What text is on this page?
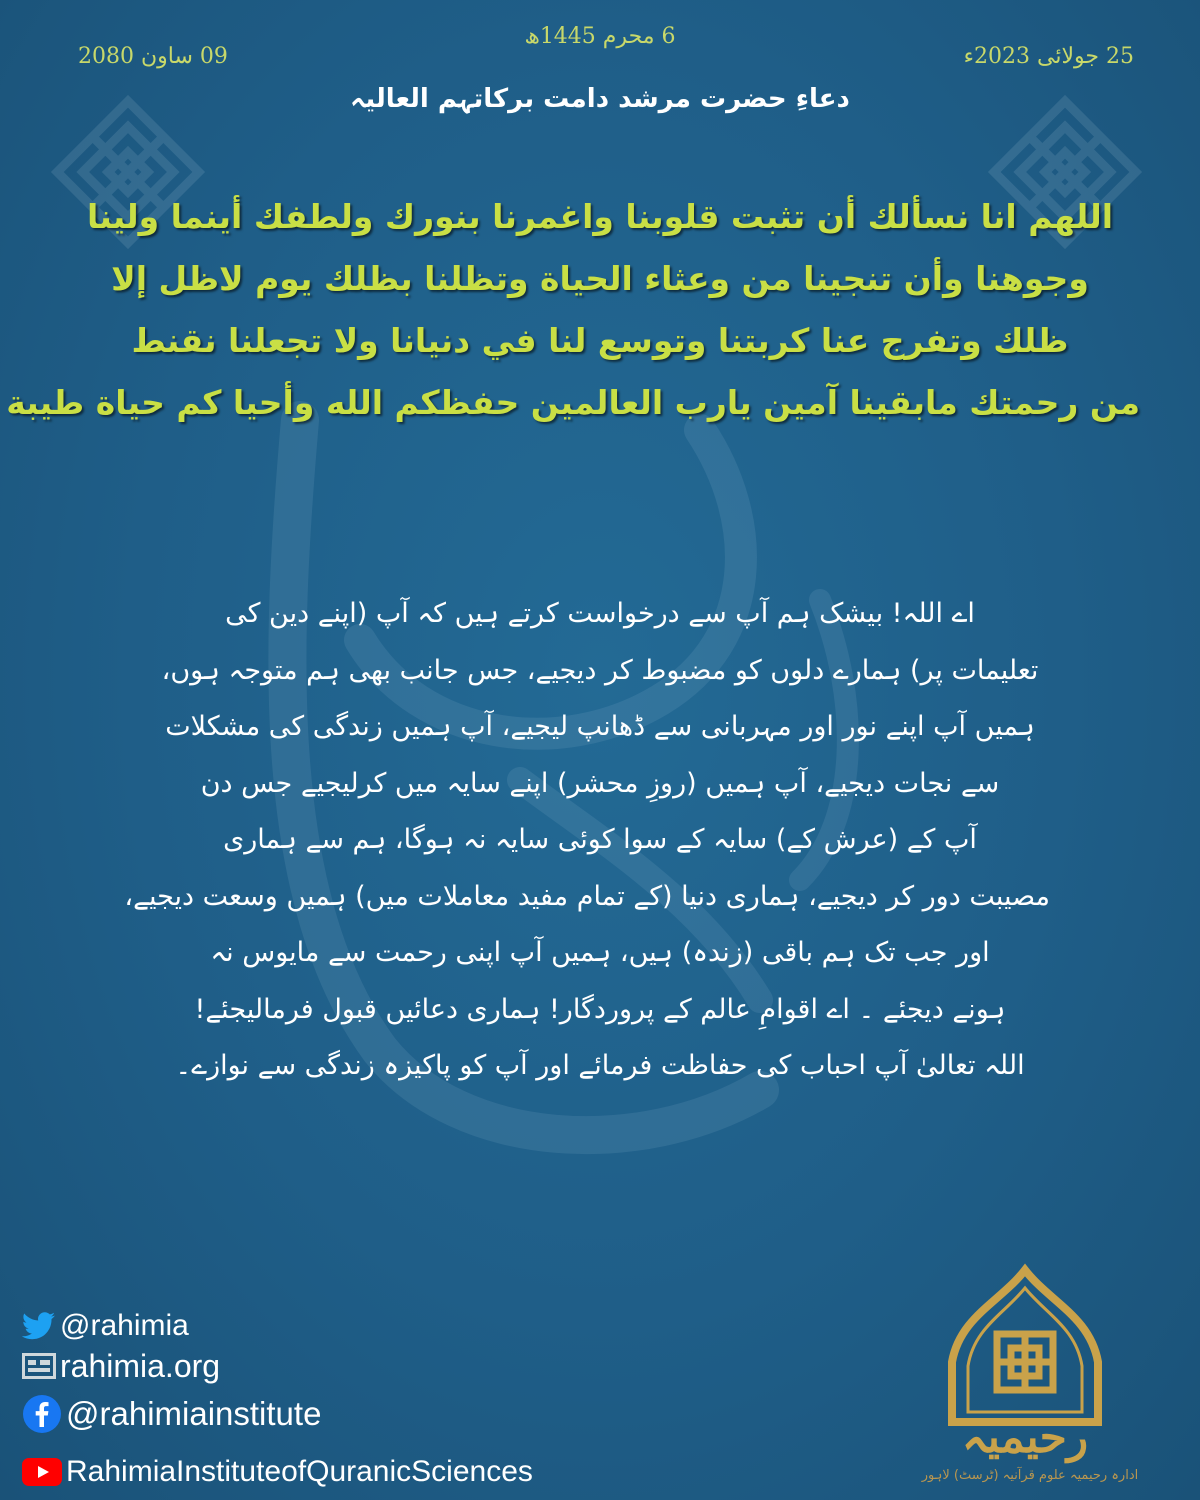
25 جولائی 2023ء
6 محرم 1445ھ
09 ساون 2080
دعاءِ حضرت مرشد دامت برکاتہم العالیہ
اللهم انا نسألك أن تثبت قلوبنا واغمرنا بنورك ولطفك أينما ولينا
وجوهنا وأن تنجينا من وعثاء الحياة وتظلنا بظلك يوم لاظل إلا
ظلك وتفرج عنا كربتنا وتوسع لنا في دنيانا ولا تجعلنا نقنط
من رحمتك مابقينا آمين يارب العالمين حفظكم الله وأحيا كم حياة طيبة
اے اللہ! بیشک ہم آپ سے درخواست کرتے ہیں کہ آپ (اپنے دین کی
تعلیمات پر) ہمارے دلوں کو مضبوط کر دیجیے، جس جانب بھی ہم متوجہ ہوں،
ہمیں آپ اپنے نور اور مہربانی سے ڈھانپ لیجیے، آپ ہمیں زندگی کی مشکلات
سے نجات دیجیے، آپ ہمیں (روزِ محشر) اپنے سایہ میں کرلیجیے جس دن
آپ کے (عرش کے) سایہ کے سوا کوئی سایہ نہ ہوگا، ہم سے ہماری
مصیبت دور کر دیجیے، ہماری دنیا (کے تمام مفید معاملات میں) ہمیں وسعت دیجیے،
اور جب تک ہم باقی (زندہ) ہیں، ہمیں آپ اپنی رحمت سے مایوس نہ
ہونے دیجئے ۔ اے اقوامِ عالم کے پروردگار! ہماری دعائیں قبول فرمالیجئے!
اللہ تعالیٰ آپ احباب کی حفاظت فرمائے اور آپ کو پاکیزہ زندگی سے نوازے۔
@rahimia
rahimia.org
@rahimiainstitute
RahimiaInstituteofQuranicSciences
رحیمیہ
ادارہ رحیمیہ علوم قرآنیہ (ٹرسٹ) لاہور
